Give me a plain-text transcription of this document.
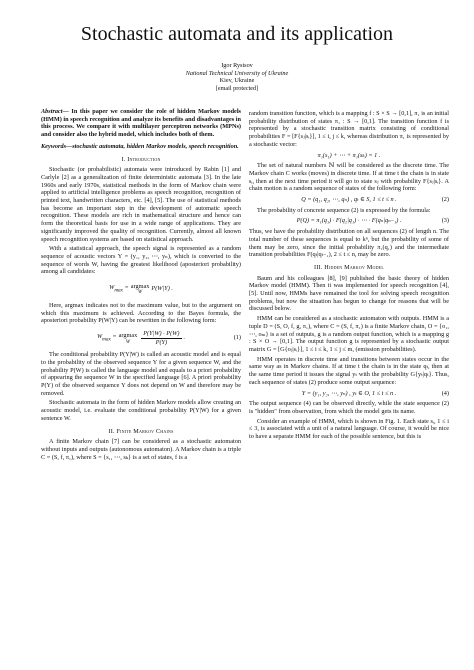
Stochastic automata and its application
Igor Rystsov
National Technical University of Ukraine
Kiev, Ukraine
[email protected]

Abstract— In this paper we consider the role of hidden Markov models (HMM) in speech recognition and analyze its benefits and disadvantages in this process. We compare it with multilayer perceptron networks (MPNs) and consider also the hybrid model, which includes both of them.

Keywords—stochastic automata, hidden Markov models, speech recognition.

I. Introduction

Stochastic (or probabilistic) automata were introduced by Rabin [1] and Carlyle [2] as a generalization of finite deterministic automata [3]. In the late 1960s and early 1970s, statistical methods in the form of Markov chain were applied to artificial intelligence problems as speech recognition, recognition of printed text, handwritten characters, etc. [4], [5]. The use of statistical methods has become an important step in the development of automatic speech recognition. These models are rich in mathematical structure and hence can form the theoretical basis for use in a wide range of applications. They are significantly improved the quality of recognition. Currently, almost all known speech recognition systems are based on statistical approach.

With a statistical approach, the speech signal is represented as a random sequence of acoustic vectors Y = (y₁, y₂, ⋯, yₙ), which is converted to the sequence of words W, having the greatest likelihood (aposteriori probability) among all candidates:

$W_{max} = argmax$
W
P(W|Y) .

Here, argmax indicates not to the maximum value, but to the argument on which this maximum is achieved. According to the Bayes formula, the aposteriori probability P(W|Y) can be rewritten in the following form:

$W_{max} = argmax$
W $\frac{P(Y|W) \cdot P(W)}{P(Y)}$ .	(1)

The conditional probability P(Y|W) is called an acoustic model and is equal to the probability of the observed sequence Y for a given sequence W, and the probability P(W) is called the language model and equals to a priori probability of appearing the sequence W in the specified language [6]. A priori probability P(Y) of the observed sequence Y does not depend on W and therefore may be removed.

Stochastic automata in the form of hidden Markov models allow creating an acoustic model, i.e. evaluate the conditional probability P(Y|W) for a given sentence W.

II. Finite Markov Chains

A finite Markov chain [7] can be considered as a stochastic automaton without inputs and outputs (autonomous automaton). A Markov chain is a triple C = (S, f, π₁), where S = {s₁, ⋯, sₖ} is a set of states, f is a

random transition function, which is a mapping f : S × S → [0,1], π₁ is an initial probability distribution of states π₁ : S → [0,1]. The transition function f is represented by a stochastic transition matrix consisting of conditional probabilities F = [F{sⱼ|sᵢ}], 1 ≤ i, j ≤ k, whereas distribution π₁ is represented by a stochastic vector:

π₁(s₁) + ⋯ + π₁(sₖ) = 1 .

The set of natural numbers ℕ will be considered as the discrete time. The Markov chain C works (moves) in discrete time. If at time t the chain is in state sᵢ, then at the next time period it will go to state sⱼ with probability F{sⱼ|sᵢ}. A chain motion is a random sequence of states of the following form:

Q = (q₁, q₂, ⋯, qₙ) , qₜ ∈ S, 1 ≤ t ≤ n .	(2)

The probability of concrete sequence (2) is expressed by the formula:

P(Q) = π₁(q₁) · F(q₂|q₁) · ⋯ · F(qₙ|qₙ₋₁) .	(3)

Thus, we have the probability distribution on all sequences (2) of length n. The total number of these sequences is equal to kⁿ, but the probability of some of them may be zero, since the initial probability π₁(q₁) and the intermediate transition probabilities F(qₜ|qₜ₋₁), 2 ≤ t ≤ n, may be zero.

III. Hidden Markov Model

Baum and his colleagues [8], [9] published the basic theory of hidden Markov model (HMM). Then it was implemented for speech recognition [4], [5]. Until now, HMMs have remained the tool for solving speech recognition problems, but now the situation has begun to change for reasons that will be discussed below.

HMM can be considered as a stochastic automaton with outputs. HMM is a tuple D = (S, O, f, g, π₁), where C = (S, f, π₁) is a finite Markov chain, O = {o₁, ⋯, oₘ} is a set of outputs, g is a random output function, which is a mapping g : S × O → [0,1]. The output function g is represented by a stochastic output matrix G = [G{oⱼ|sᵢ}], 1 ≤ i ≤ k, 1 ≤ j ≤ m, (emission probabilities).

HMM operates in discrete time and transitions between states occur in the same way as in Markov chains. If at time t the chain is in the state qₜ, then at the same time period it issues the signal yₜ with the probability G{yₜ|qₜ}. Thus, each sequence of states (2) produce some output sequence:

Y = (y₁, y₂, ⋯, yₙ) , yₜ ∈ O, 1 ≤ t ≤ n .	(4)

The output sequence (4) can be observed directly, while the state sequence (2) is "hidden" from observation, from which the model gets its name.

Consider an example of HMM, which is shown in Fig. 1. Each state sᵢ, 1 ≤ i ≤ 3, is associated with a unit of a natural language. Of course, it would be nice to have a separate HMM for each of the possible sentence, but this is
